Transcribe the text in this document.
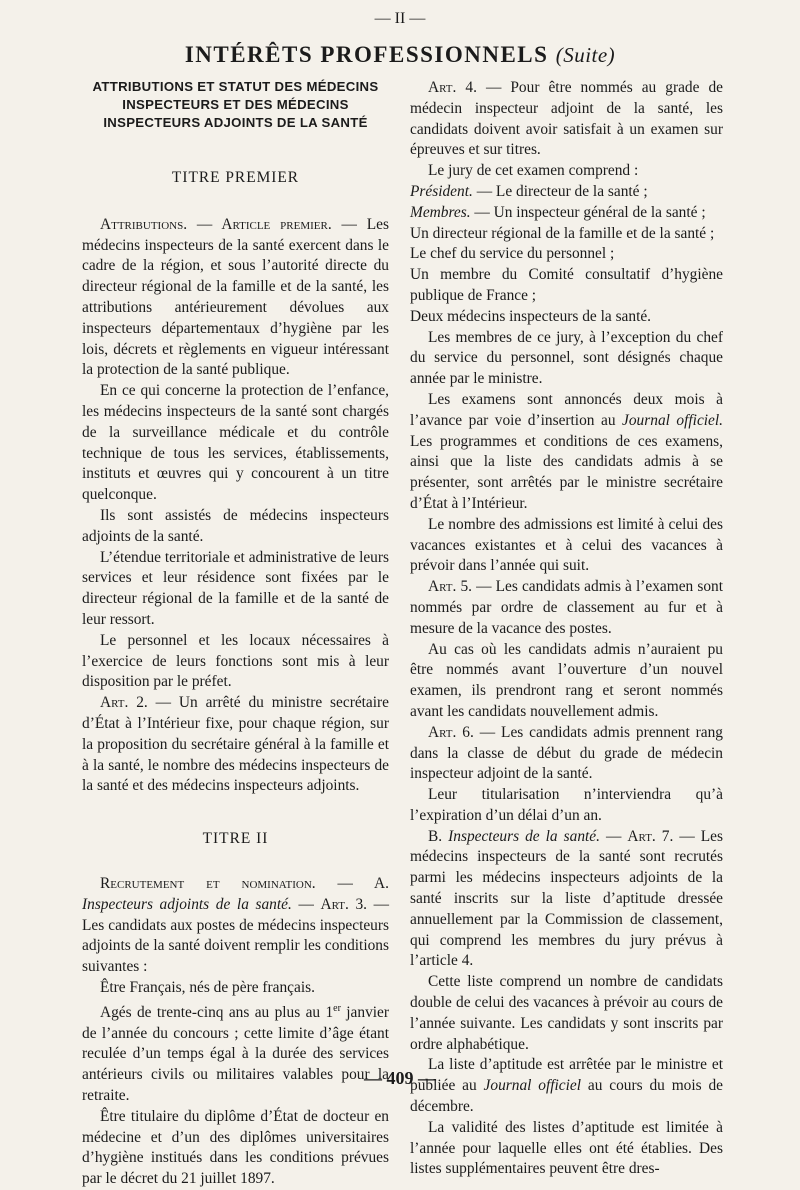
— II —
INTÉRÊTS PROFESSIONNELS (Suite)
ATTRIBUTIONS ET STATUT DES MÉDECINS INSPECTEURS ET DES MÉDECINS INSPECTEURS ADJOINTS DE LA SANTÉ
TITRE PREMIER

Attributions. — Article premier. — Les médecins inspecteurs de la santé exercent dans le cadre de la région, et sous l’autorité directe du directeur régional de la famille et de la santé, les attributions antérieurement dévolues aux inspecteurs départementaux d’hygiène par les lois, décrets et règlements en vigueur intéressant la protection de la santé publique.

En ce qui concerne la protection de l’enfance, les médecins inspecteurs de la santé sont chargés de la surveillance médicale et du contrôle technique de tous les services, établissements, instituts et œuvres qui y concourent à un titre quelconque.

Ils sont assistés de médecins inspecteurs adjoints de la santé.

L’étendue territoriale et administrative de leurs services et leur résidence sont fixées par le directeur régional de la famille et de la santé de leur ressort.

Le personnel et les locaux nécessaires à l’exercice de leurs fonctions sont mis à leur disposition par le préfet.

Art. 2. — Un arrêté du ministre secrétaire d’État à l’Intérieur fixe, pour chaque région, sur la proposition du secrétaire général à la famille et à la santé, le nombre des médecins inspecteurs de la santé et des médecins inspecteurs adjoints.

TITRE II

Recrutement et nomination. — A. Inspecteurs adjoints de la santé. — Art. 3. — Les candidats aux postes de médecins inspecteurs adjoints de la santé doivent remplir les conditions suivantes :

Être Français, nés de père français.

Agés de trente-cinq ans au plus au 1er janvier de l’année du concours ; cette limite d’âge étant reculée d’un temps égal à la durée des services antérieurs civils ou militaires valables pour la retraite.

Être titulaire du diplôme d’État de docteur en médecine et d’un des diplômes universitaires d’hygiène institués dans les conditions prévues par le décret du 21 juillet 1897.

Art. 4. — Pour être nommés au grade de médecin inspecteur adjoint de la santé, les candidats doivent avoir satisfait à un examen sur épreuves et sur titres.

Le jury de cet examen comprend :

Président. — Le directeur de la santé ;

Membres. — Un inspecteur général de la santé ;

Un directeur régional de la famille et de la santé ;

Le chef du service du personnel ;

Un membre du Comité consultatif d’hygiène publique de France ;

Deux médecins inspecteurs de la santé.

Les membres de ce jury, à l’exception du chef du service du personnel, sont désignés chaque année par le ministre.

Les examens sont annoncés deux mois à l’avance par voie d’insertion au Journal officiel. Les programmes et conditions de ces examens, ainsi que la liste des candidats admis à se présenter, sont arrêtés par le ministre secrétaire d’État à l’Intérieur.

Le nombre des admissions est limité à celui des vacances existantes et à celui des vacances à prévoir dans l’année qui suit.

Art. 5. — Les candidats admis à l’examen sont nommés par ordre de classement au fur et à mesure de la vacance des postes.

Au cas où les candidats admis n’auraient pu être nommés avant l’ouverture d’un nouvel examen, ils prendront rang et seront nommés avant les candidats nouvellement admis.

Art. 6. — Les candidats admis prennent rang dans la classe de début du grade de médecin inspecteur adjoint de la santé.

Leur titularisation n’interviendra qu’à l’expiration d’un délai d’un an.

B. Inspecteurs de la santé. — Art. 7. — Les médecins inspecteurs de la santé sont recrutés parmi les médecins inspecteurs adjoints de la santé inscrits sur la liste d’aptitude dressée annuellement par la Commission de classement, qui comprend les membres du jury prévus à l’article 4.

Cette liste comprend un nombre de candidats double de celui des vacances à prévoir au cours de l’année suivante. Les candidats y sont inscrits par ordre alphabétique.

La liste d’aptitude est arrêtée par le ministre et publiée au Journal officiel au cours du mois de décembre.

La validité des listes d’aptitude est limitée à l’année pour laquelle elles ont été établies. Des listes supplémentaires peuvent être dres-

— 409 —
